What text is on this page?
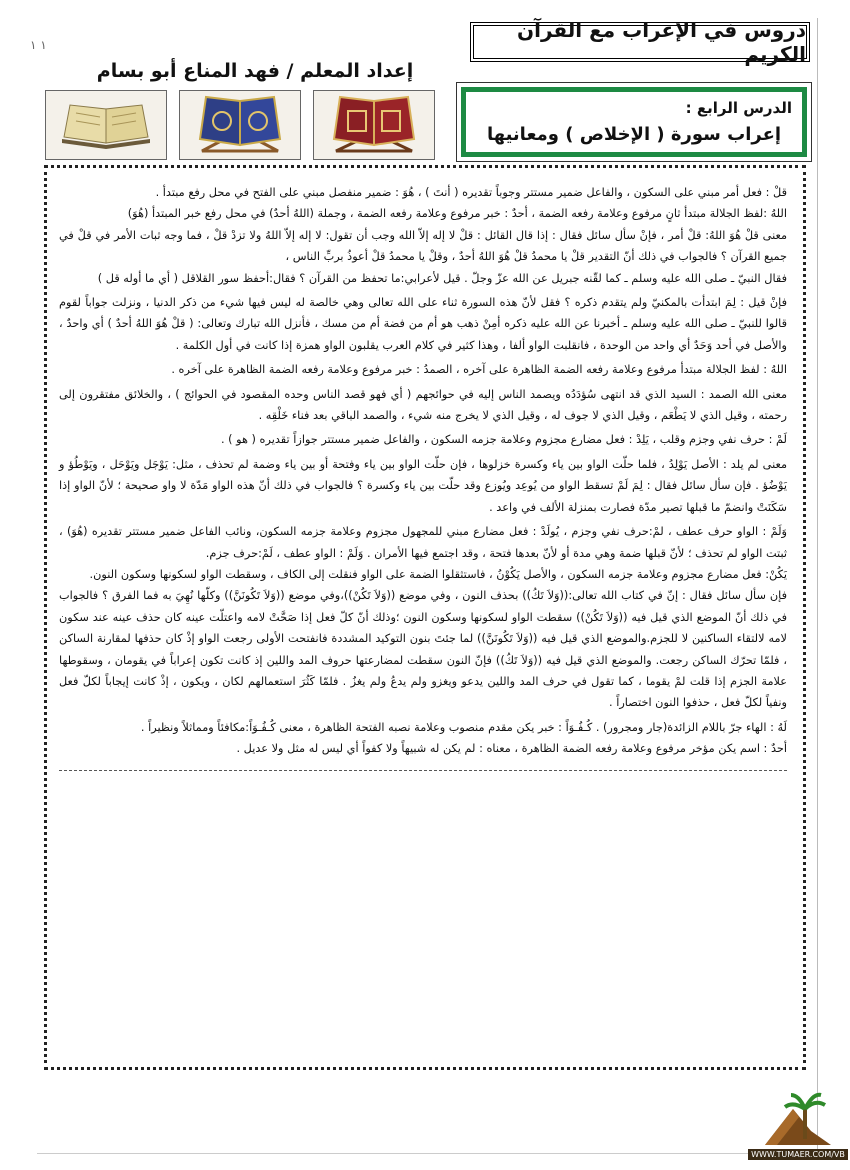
١ ١
دروس في الإعراب مع القرآن الكريم
إعداد المعلم / فهد المناع أبو بسام
الدرس الرابع :
إعراب سورة ( الإخلاص ) ومعانيها

قلْ : فعل أمر مبني على السكون ، والفاعل ضمير مستتر وجوباً تقديره ( أنتَ ) ، هُوَ : ضمير منفصل مبني على الفتح في محل رفع مبتدأ .

اللهُ :لفظ الجلالة مبتدأ ثانٍ مرفوع وعلامة رفعه الضمة ، أحدٌ : خبر مرفوع وعلامة رفعه الضمة ، وجملة (اللهُ أحدٌ) في محل رفع خبر المبتدأ (هُوَ)

معنى قلْ هُوَ اللهُ: قلْ أمر ، فإنْ سأل سائل فقال : إذا قال القائل : قلْ لا إله إلاّ الله وجب أن تقول: لا إله إلاّ اللهُ ولا تزدْ قلْ ، فما وجه ثبات الأمر في قلْ في جميع القرآن ؟ فالجواب في ذلك أنّ التقدير قلْ يا محمدُ قلْ هُوَ اللهُ أحدٌ ، وقلْ يا محمدُ قلْ أعوذُ بربِّ الناس ،

فقال النبيّ ـ صلى الله عليه وسلم ـ كما لقّنه جبريل عن الله عزّ وجلّ . قيل لأعرابي:ما تحفظ من القرآن ؟ فقال:أحفظ سور القلاقل ( أي ما أوله قل )

فإنْ قيل : لِمَ ابتدأت بالمكنيّ ولم يتقدم ذكره ؟ فقل لأنّ هذه السورة ثناء على الله تعالى وهي خالصة له ليس فيها شيء من ذكر الدنيا ، ونزلت جواباً لقوم قالوا للنبيّ ـ صلى الله عليه وسلم ـ أخبرنا عن الله عليه ذكره أمِنْ ذهب هو أم من فضة أم من مسك ، فأنزل الله تبارك وتعالى: ( قلْ هُوَ اللهُ أحدٌ ) أي واحدٌ ، والأصل في أحد وَحَدٌ أي واحد من الوحدة ، فانقلبت الواو ألفا ، وهذا كثير في كلام العرب يقلبون الواو همزة إذا كانت في أول الكلمة .

اللهُ : لفظ الجلالة مبتدأ مرفوع وعلامة رفعه الضمة الظاهرة على آخره ، الصمدُ : خبر مرفوع وعلامة رفعه الضمة الظاهرة على آخره .

معنى الله الصمد : السيد الذي قد انتهى سُؤدَدُه ويصمد الناس إليه في حوائجهم ( أي فهو قصد الناس وحده المقصود في الحوائج ) ، والخلائق مفتقرون إلى رحمته ، وقيل الذي لا يَطْعَم ، وقيل الذي لا جوف له ، وقيل الذي لا يخرج منه شيء ، والصمد الباقي بعد فناء خَلْقِه .

لَمْ : حرف نفي وجزم وقلب ، يَلِدْ : فعل مضارع مجزوم وعلامة جزمه السكون ، والفاعل ضمير مستتر جوازاً تقديره ( هو ) .

معنى لم يلد : الأصل يَوْلِدُ ، فلما حلّت الواو بين ياء وكسرة خزلوها ، فإن حلّت الواو بين ياء وفتحة أو بين ياء وضمة لم تحذف ، مثل: يَوْجَل ويَوْحَل ، ويَوْطُؤ و يَوْضُؤ . فإن سأل سائل فقال : لِمَ لَمْ تسقط الواو من يُوعِد ويُوزع وقد حلّت بين ياء وكسرة ؟ فالجواب في ذلك أنّ هذه الواو مَدّة لا واو صحيحة ؛ لأنّ الواو إذا سَكَنَتْ وانضمّ ما قبلها تصير مدّة فصارت بمنزلة الألف في واعد .

وَلَمْ : الواو حرف عطف ، لمْ:حرف نفي وجزم ، يُولَدْ : فعل مضارع مبني للمجهول مجزوم وعلامة جزمه السكون، ونائب الفاعل ضمير مستتر تقديره (هُوَ) ، ثبتت الواو لم تحذف ؛ لأنّ قبلها ضمة وهي مدة أو لأنّ بعدها فتحة ، وقد اجتمع فيها الأمران . وَلَمْ : الواو عطف ، لَمْ:حرف جزم.

يَكُنْ: فعل مضارع مجزوم وعلامة جزمه السكون ، والأصل يَكُوْنُ ، فاستثقلوا الضمة على الواو فنقلت إلى الكاف ، وسقطت الواو لسكونها وسكون النون.

فإن سأل سائل فقال : إنّ في كتاب الله تعالى:((وَلاَ تَكُ)) بحذف النون ، وفي موضع ((وَلاَ تَكُنْ))،وفي موضع ((وَلاَ تَكُونَنَّ)) وكلّها نُهِيَ به فما الفرق ؟ فالجواب في ذلك أنّ الموضع الذي قيل فيه ((وَلاَ تَكُنْ)) سقطت الواو لسكونها وسكون النون ؛وذلك أنّ كلّ فعل إذا صَحَّتْ لامه واعتلّت عينه كان حذف عينه عند سكون لامه لالتقاء الساكنين لا للجزم.والموضع الذي قيل فيه ((وَلاَ تَكُونَنَّ)) لما جئتَ بنون التوكيد المشددة فانفتحت الأولى رجعت الواو إذْ كان حذفها لمقارنة الساكن ، فلمّا تحرّك الساكن رجعت. والموضع الذي قيل فيه ((وَلاَ تَكُ)) فإنّ النون سقطت لمضارعتها حروف المد واللين إذ كانت تكون إعراباً في يقومان ، وسقوطها علامة الجزم إذا قلت لمْ يقوما ، كما تقول في حرف المد واللين يدعو ويغزو ولم يدعُ ولم يغزُ . فلمّا كَثُرَ استعمالهم لكان ، ويكون ، إذْ كانت إيجاباً لكلّ فعل ونفياً لكلّ فعل ، حذفوا النون اختصاراً .

لَهُ : الهاء جرّ باللام الزائدة(جار ومجرور) . كُـفُـوَاً : خبر يكن مقدم منصوب وعلامة نصبه الفتحة الظاهرة ، معنى كُـفُـوَاً:مكافئاً ومماثلاً ونظيراً .

أحدٌ : اسم يكن مؤخر مرفوع وعلامة رفعه الضمة الظاهرة ، معناه : لم يكن له شبيهاً ولا كفواً أي ليس له مثل ولا عديل .

WWW.TUMAER.COM/VB
